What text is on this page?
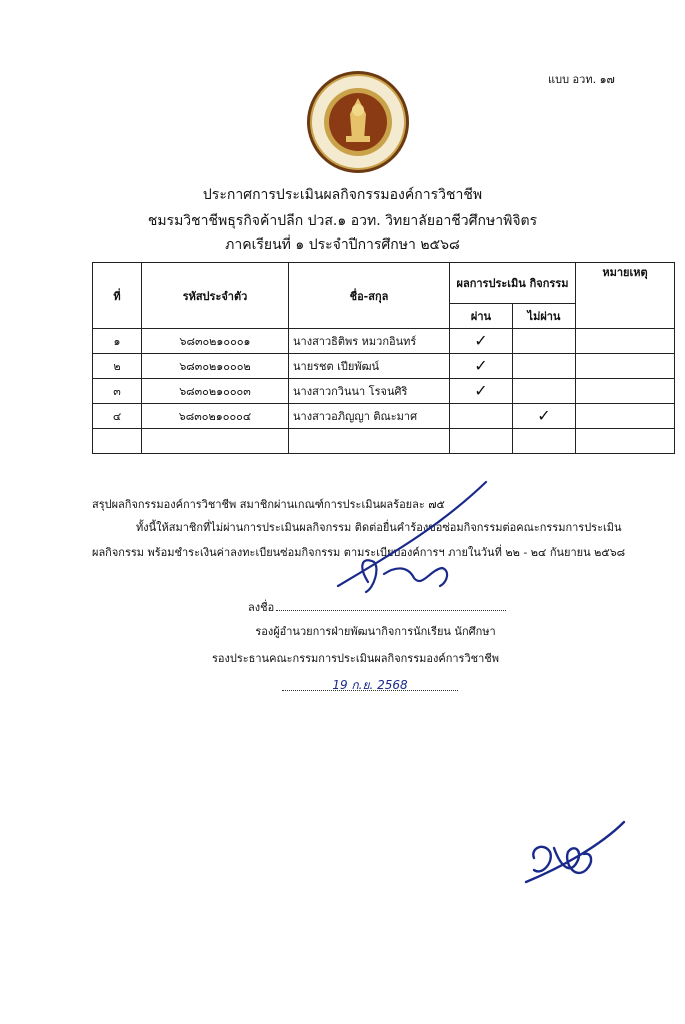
แบบ อวท. ๑๗
ประกาศการประเมินผลกิจกรรมองค์การวิชาชีพ
ชมรมวิชาชีพธุรกิจค้าปลีก ปวส.๑ อวท. วิทยาลัยอาชีวศึกษาพิจิตร
ภาคเรียนที่ ๑ ประจำปีการศึกษา ๒๕๖๘
ที่	รหัสประจำตัว	ชื่อ-สกุล	ผลการประเมิน กิจกรรม		หมายเหตุ
			ผ่าน	ไม่ผ่าน	
๑	๖๘๓๐๒๑๐๐๐๑	นางสาวธิติพร หมวกอินทร์	✓		
๒	๖๘๓๐๒๑๐๐๐๒	นายรชต เปียพัฒน์	✓		
๓	๖๘๓๐๒๑๐๐๐๓	นางสาวกวินนา โรจนศิริ	✓		
๔	๖๘๓๐๒๑๐๐๐๔	นางสาวอภิญญา ติณะมาศ		✓	

สรุปผลกิจกรรมองค์การวิชาชีพ สมาชิกผ่านเกณฑ์การประเมินผลร้อยละ ๗๕
ทั้งนี้ให้สมาชิกที่ไม่ผ่านการประเมินผลกิจกรรม ติดต่อยื่นคำร้องขอซ่อมกิจกรรมต่อคณะกรรมการประเมินผลกิจกรรม พร้อมชำระเงินค่าลงทะเบียนซ่อมกิจกรรม ตามระเบียบองค์การฯ ภายในวันที่ ๒๒ - ๒๔ กันยายน ๒๕๖๘
ลงชื่อ
รองผู้อำนวยการฝ่ายพัฒนากิจการนักเรียน นักศึกษา
รองประธานคณะกรรมการประเมินผลกิจกรรมองค์การวิชาชีพ
19 ก.ย. 2568
